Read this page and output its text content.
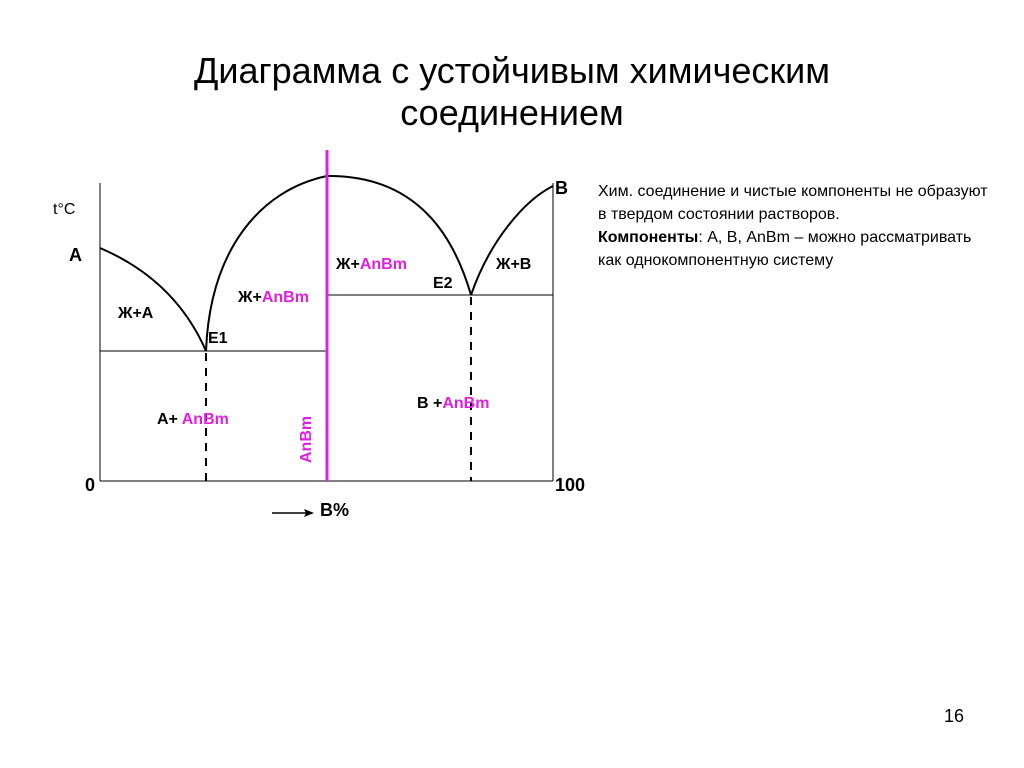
Диаграмма с устойчивым химическим
соединением
t°C
0	100
B%
A
B
E1
E2
Ж+А
Ж+AnBm
Ж+AnBm	Ж+В
A+ AnBm
В +AnBm
AnBm

Хим. соединение и чистые компоненты не образуют в твердом состоянии растворов.

Компоненты: А, В, AnBm – можно рассматривать как однокомпонентную систему

16
